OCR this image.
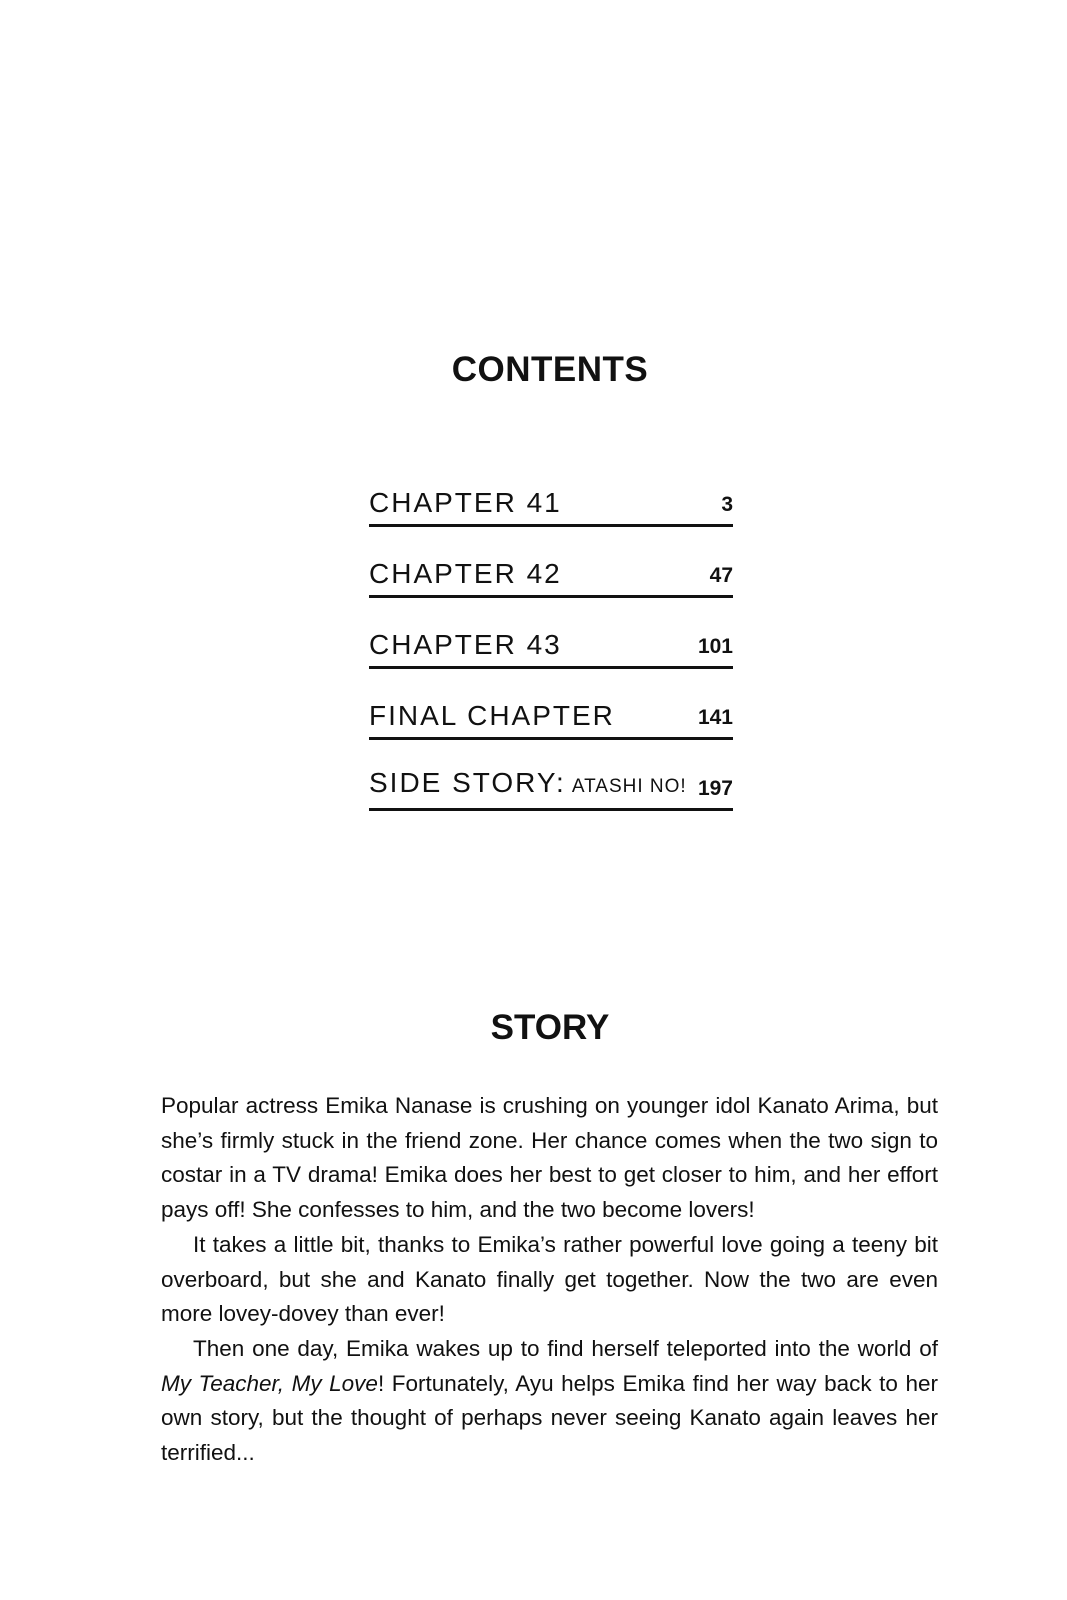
CONTENTS
CHAPTER 41	3
CHAPTER 42	47
CHAPTER 43	101
FINAL CHAPTER	141
SIDE STORY: ATASHI NO! 197
STORY

Popular actress Emika Nanase is crushing on younger idol Kanato Arima, but she’s firmly stuck in the friend zone. Her chance comes when the two sign to costar in a TV drama! Emika does her best to get closer to him, and her effort pays off! She confesses to him, and the two become lovers!

It takes a little bit, thanks to Emika’s rather powerful love going a teeny bit overboard, but she and Kanato finally get together. Now the two are even more lovey-dovey than ever!

Then one day, Emika wakes up to find herself teleported into the world of My Teacher, My Love! Fortunately, Ayu helps Emika find her way back to her own story, but the thought of perhaps never seeing Kanato again leaves her terrified...
